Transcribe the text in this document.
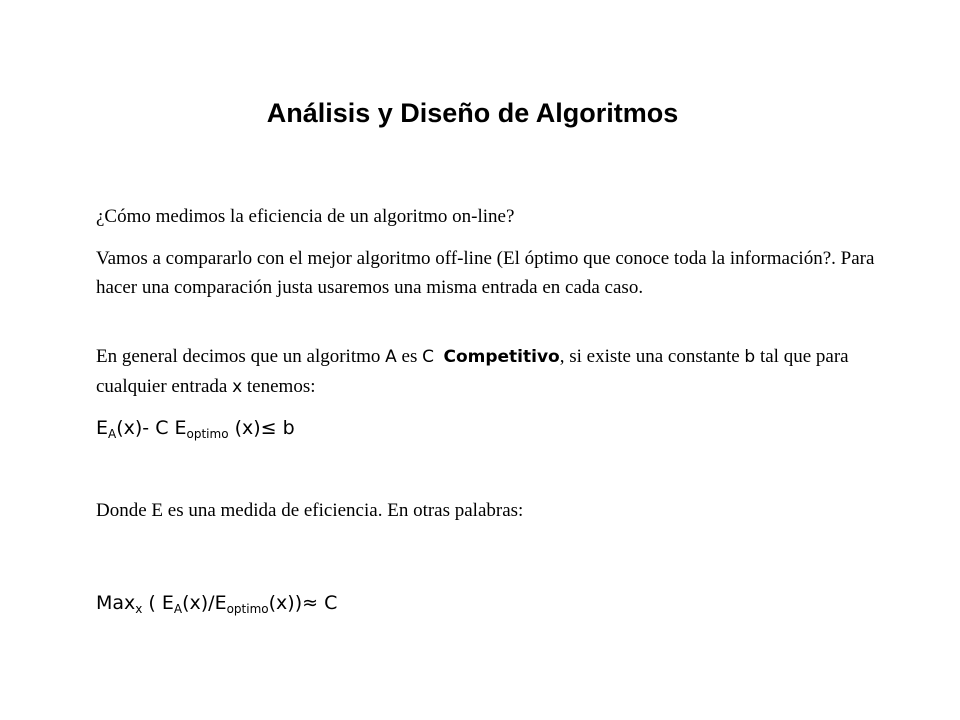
Análisis y Diseño de Algoritmos

¿Cómo medimos la eficiencia de un algoritmo on-line?

Vamos a compararlo con el mejor algoritmo off-line (El óptimo que conoce toda la información?. Para hacer una comparación justa usaremos una misma entrada en cada caso.

En general decimos que un algoritmo A es C Competitivo, si existe una constante b tal que para cualquier entrada x tenemos:

$E_A(x)-$ C $E_{optimo}$ (x)≤ b

Donde E es una medida de eficiencia. En otras palabras:

Max$_x$ ( $E_A(x)/E_{optimo}(x))\approx C$
